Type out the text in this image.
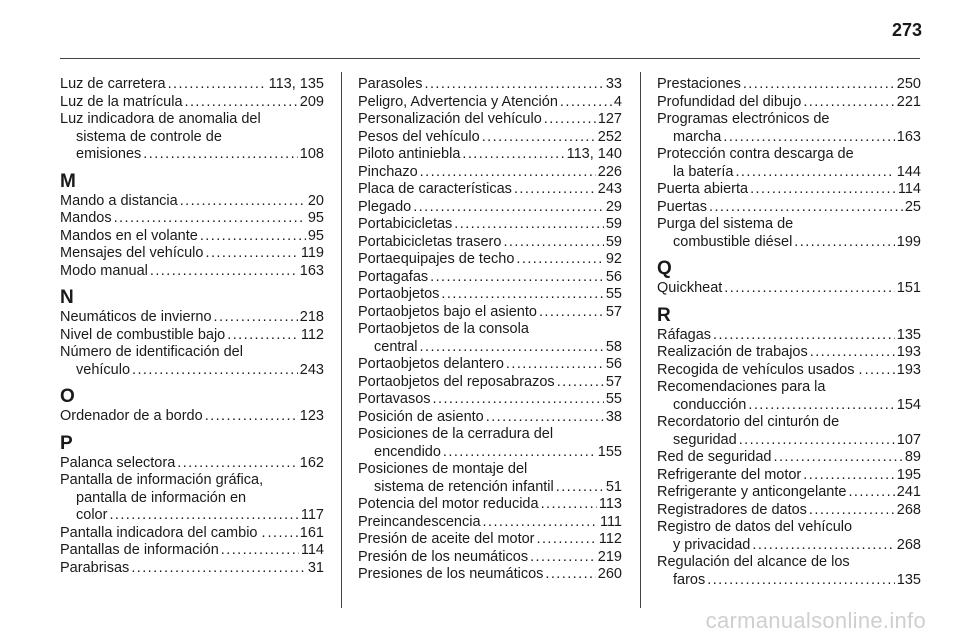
273
Luz de carretera . . .	113, 135
Luz de la matrícula . . .	209
Luz indicadora de anomalia del
sistema de controle de
emisiones . . .	108
M
Mando a distancia . . .	20
Mandos . . .	95
Mandos en el volante . . .	95
Mensajes del vehículo . . .	119
Modo manual . . .	163
N
Neumáticos de invierno . . .	218
Nivel de combustible bajo . . .	112
Número de identificación del
vehículo . . .	243
O
Ordenador de a bordo . . .	123
P
Palanca selectora . . .	162
Pantalla de información gráfica,
pantalla de información en
color . . .	117
Pantalla indicadora del cambio . . . . 161
Pantallas de información . . .	114
Parabrisas . . .	31
Parasoles . . .	33
Peligro, Advertencia y Atención . . .	4
Personalización del vehículo . . .	127
Pesos del vehículo . . .	252
Piloto antiniebla . . .	113, 140
Pinchazo . . .	226
Placa de características . . .	243
Plegado . . .	29
Portabicicletas . . .	59
Portabicicletas trasero . . .	59
Portaequipajes de techo . . .	92
Portagafas . . .	56
Portaobjetos . . .	55
Portaobjetos bajo el asiento . . .	57
Portaobjetos de la consola
central . . .	58
Portaobjetos delantero . . .	56
Portaobjetos del reposabrazos . . .	57
Portavasos . . .	55
Posición de asiento . . .	38
Posiciones de la cerradura del
encendido . . .	155
Posiciones de montaje del
sistema de retención infantil . . .	51
Potencia del motor reducida . . .	113
Preincandescencia . . .	111
Presión de aceite del motor . . .	112
Presión de los neumáticos . . .	219
Presiones de los neumáticos . . .	260
Prestaciones . . .	250
Profundidad del dibujo . . .	221
Programas electrónicos de
marcha . . .	163
Protección contra descarga de
la batería . . .	144
Puerta abierta . . .	114
Puertas . . .	25
Purga del sistema de
combustible diésel . . .	199
Q
Quickheat . . .	151
R
Ráfagas . . .	135
Realización de trabajos . . .	193
Recogida de vehículos usados . . . . 193
Recomendaciones para la
conducción . . .	154
Recordatorio del cinturón de
seguridad . . .	107
Red de seguridad . . .	89
Refrigerante del motor . . .	195
Refrigerante y anticongelante . . .	241
Registradores de datos . . .	268
Registro de datos del vehículo
y privacidad . . .	268
Regulación del alcance de los
faros . . .	135
carmanualsonline.info
